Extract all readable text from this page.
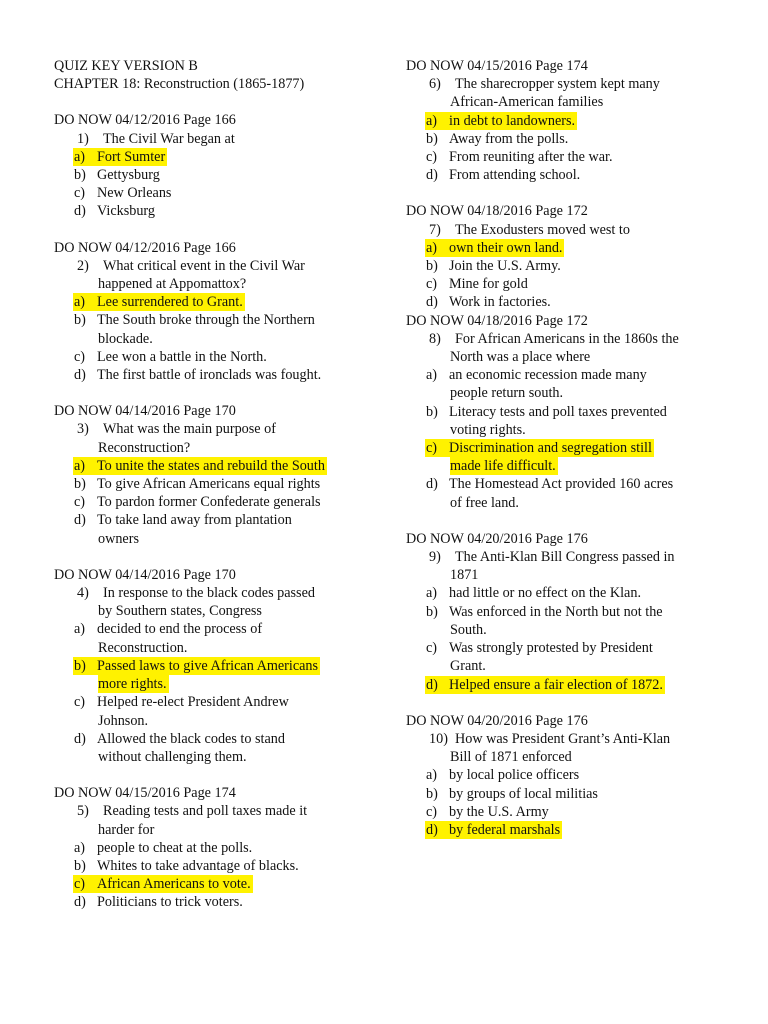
QUIZ KEY VERSION B
CHAPTER 18: Reconstruction (1865-1877)
DO NOW 04/12/2016 Page 166
1) The Civil War began at
a) Fort Sumter
b) Gettysburg
c) New Orleans
d) Vicksburg
DO NOW 04/12/2016 Page 166
2) What critical event in the Civil War
happened at Appomattox?
a) Lee surrendered to Grant.
b) The South broke through the Northern
blockade.
c) Lee won a battle in the North.
d) The first battle of ironclads was fought.
DO NOW 04/14/2016 Page 170
3) What was the main purpose of
Reconstruction?
a) To unite the states and rebuild the South
b) To give African Americans equal rights
c) To pardon former Confederate generals
d) To take land away from plantation
owners
DO NOW 04/14/2016 Page 170
4) In response to the black codes passed
by Southern states, Congress
a) decided to end the process of
Reconstruction.
b) Passed laws to give African Americans
more rights.
c) Helped re-elect President Andrew
Johnson.
d) Allowed the black codes to stand
without challenging them.
DO NOW 04/15/2016 Page 174
5) Reading tests and poll taxes made it
harder for
a) people to cheat at the polls.
b) Whites to take advantage of blacks.
c) African Americans to vote.
d) Politicians to trick voters.
DO NOW 04/15/2016 Page 174
6) The sharecropper system kept many
African-American families
a) in debt to landowners.
b) Away from the polls.
c) From reuniting after the war.
d) From attending school.
DO NOW 04/18/2016 Page 172
7) The Exodusters moved west to
a) own their own land.
b) Join the U.S. Army.
c) Mine for gold
d) Work in factories.
DO NOW 04/18/2016 Page 172
8) For African Americans in the 1860s the
North was a place where
a) an economic recession made many
people return south.
b) Literacy tests and poll taxes prevented
voting rights.
c) Discrimination and segregation still
made life difficult.
d) The Homestead Act provided 160 acres
of free land.
DO NOW 04/20/2016 Page 176
9) The Anti-Klan Bill Congress passed in
1871
a) had little or no effect on the Klan.
b) Was enforced in the North but not the
South.
c) Was strongly protested by President
Grant.
d) Helped ensure a fair election of 1872.
DO NOW 04/20/2016 Page 176
10) How was President Grant’s Anti-Klan
Bill of 1871 enforced
a) by local police officers
b) by groups of local militias
c) by the U.S. Army
d) by federal marshals
